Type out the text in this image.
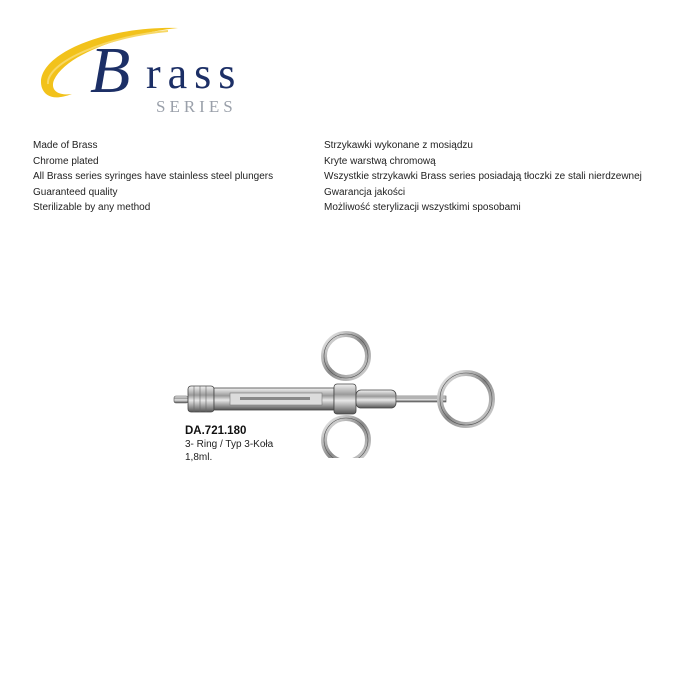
B rass
SERIES
Made of Brass
Chrome plated
All Brass series syringes have stainless steel plungers
Guaranteed quality
Sterilizable by any method
Strzykawki wykonane z mosiądzu
Kryte warstwą chromową
Wszystkie strzykawki Brass series posiadają tłoczki ze stali nierdzewnej
Gwarancja jakości
Możliwość sterylizacji wszystkimi sposobami
DA.721.180
3- Ring / Typ 3-Koła
1,8ml.
